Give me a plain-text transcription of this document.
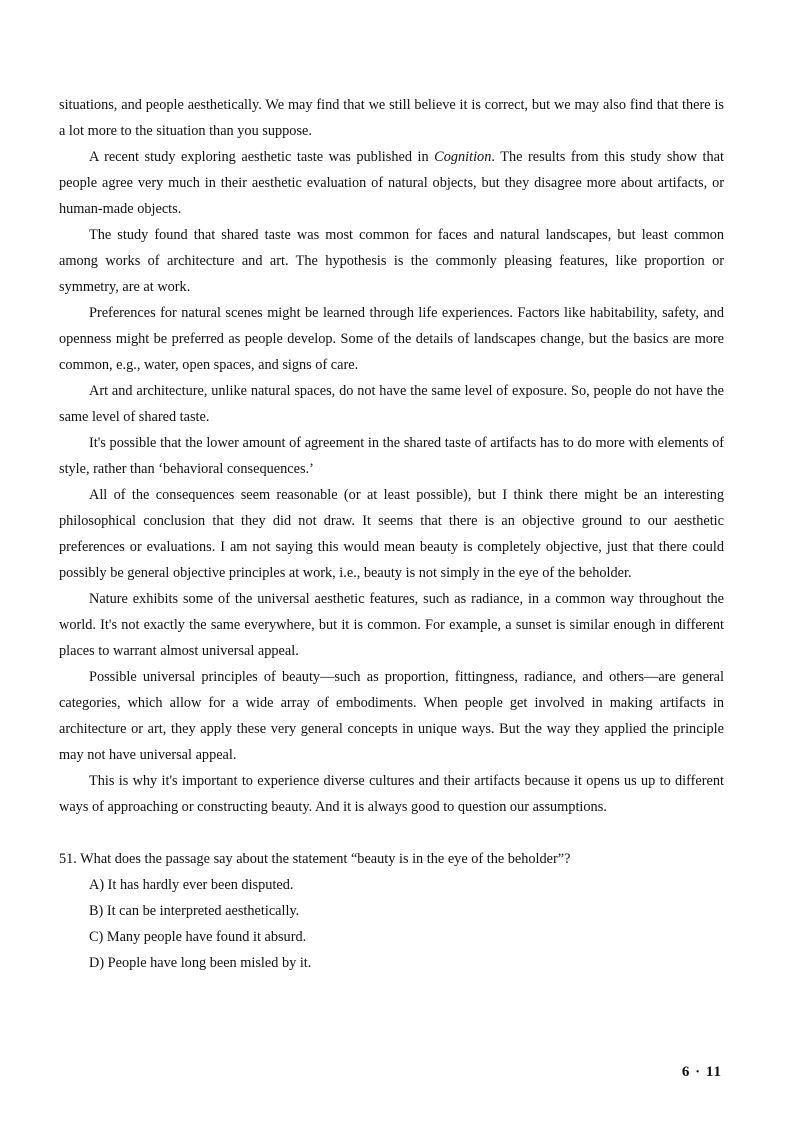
situations, and people aesthetically. We may find that we still believe it is correct, but we may also find that there is a lot more to the situation than you suppose.

A recent study exploring aesthetic taste was published in Cognition. The results from this study show that people agree very much in their aesthetic evaluation of natural objects, but they disagree more about artifacts, or human-made objects.

The study found that shared taste was most common for faces and natural landscapes, but least common among works of architecture and art. The hypothesis is the commonly pleasing features, like proportion or symmetry, are at work.

Preferences for natural scenes might be learned through life experiences. Factors like habitability, safety, and openness might be preferred as people develop. Some of the details of landscapes change, but the basics are more common, e.g., water, open spaces, and signs of care.

Art and architecture, unlike natural spaces, do not have the same level of exposure. So, people do not have the same level of shared taste.

It's possible that the lower amount of agreement in the shared taste of artifacts has to do more with elements of style, rather than ‘behavioral consequences.’

All of the consequences seem reasonable (or at least possible), but I think there might be an interesting philosophical conclusion that they did not draw. It seems that there is an objective ground to our aesthetic preferences or evaluations. I am not saying this would mean beauty is completely objective, just that there could possibly be general objective principles at work, i.e., beauty is not simply in the eye of the beholder.

Nature exhibits some of the universal aesthetic features, such as radiance, in a common way throughout the world. It's not exactly the same everywhere, but it is common. For example, a sunset is similar enough in different places to warrant almost universal appeal.

Possible universal principles of beauty—such as proportion, fittingness, radiance, and others—are general categories, which allow for a wide array of embodiments. When people get involved in making artifacts in architecture or art, they apply these very general concepts in unique ways. But the way they applied the principle may not have universal appeal.

This is why it's important to experience diverse cultures and their artifacts because it opens us up to different ways of approaching or constructing beauty. And it is always good to question our assumptions.

51. What does the passage say about the statement “beauty is in the eye of the beholder”?

A) It has hardly ever been disputed.
B) It can be interpreted aesthetically.
C) Many people have found it absurd.
D) People have long been misled by it.
6 · 11
